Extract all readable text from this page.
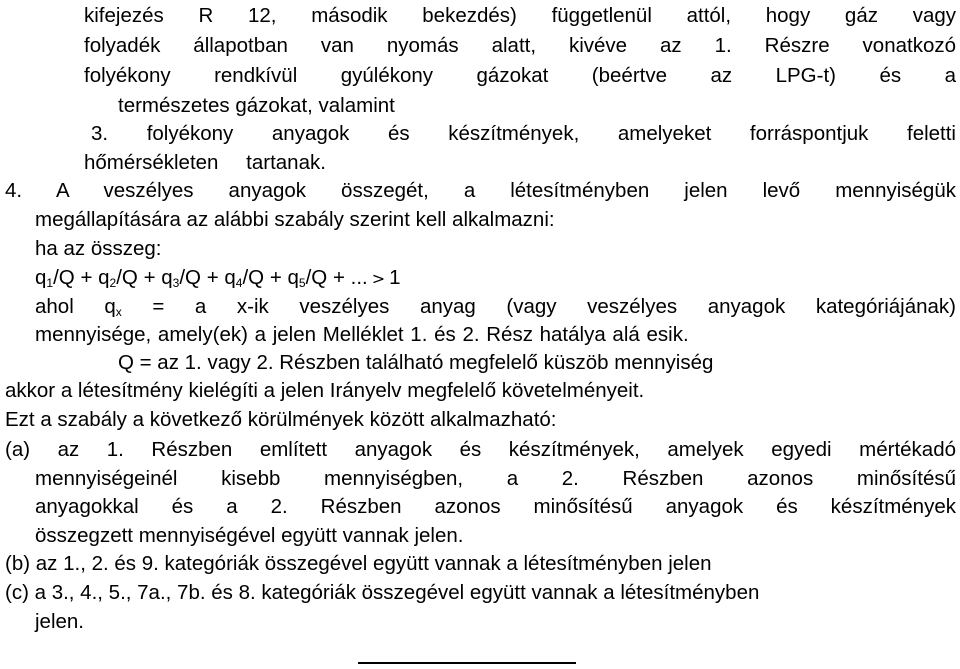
kifejezés R 12, második bekezdés) függetlenül attól, hogy gáz vagy
folyadék állapotban van nyomás alatt, kivéve az 1. Részre vonatkozó
folyékony rendkívül gyúlékony gázokat (beértve az LPG-t) és a
természetes gázokat, valamint
3. folyékony anyagok és készítmények, amelyeket forráspontjuk feletti
hőmérsékleten tartanak.
4. A veszélyes anyagok összegét, a létesítményben jelen levő mennyiségük
megállapítására az alábbi szabály szerint kell alkalmazni:
ha az összeg:
$q_1/Q + q_2/Q + q_3/Q + q_4/Q + q_5/Q$ + ... > 1
ahol $q_x = a$ x-ik veszélyes anyag (vagy veszélyes anyagok kategóriájának)
mennyisége, amely(ek) a jelen Melléklet 1. és 2. Rész hatálya alá esik.
Q = az 1. vagy 2. Részben található megfelelő küszöb mennyiség
akkor a létesítmény kielégíti a jelen Irányelv megfelelő követelményeit.
Ezt a szabály a következő körülmények között alkalmazható:
(a) az 1. Részben említett anyagok és készítmények, amelyek egyedi mértékadó
mennyiségeinél kisebb mennyiségben, a 2. Részben azonos minősítésű
anyagokkal és a 2. Részben azonos minősítésű anyagok és készítmények
összegzett mennyiségével együtt vannak jelen.
(b) az 1., 2. és 9. kategóriák összegével együtt vannak a létesítményben jelen
(c) a 3., 4., 5., 7a., 7b. és 8. kategóriák összegével együtt vannak a létesítményben
jelen.
